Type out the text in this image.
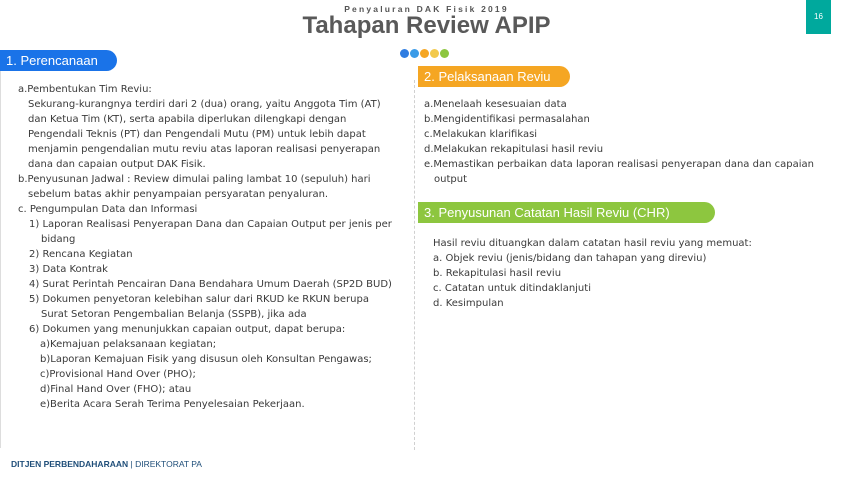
Penyaluran DAK Fisik 2019
Tahapan Review APIP	16
1. Perencanaan
2. Pelaksanaan Reviu
3. Penyusunan Catatan Hasil Reviu (CHR)
a.Pembentukan Tim Reviu:
Sekurang-kurangnya terdiri dari 2 (dua) orang, yaitu Anggota Tim (AT)
dan Ketua Tim (KT), serta apabila diperlukan dilengkapi dengan
Pengendali Teknis (PT) dan Pengendali Mutu (PM) untuk lebih dapat
menjamin pengendalian mutu reviu atas laporan realisasi penyerapan
dana dan capaian output DAK Fisik.
b.Penyusunan Jadwal : Review dimulai paling lambat 10 (sepuluh) hari
sebelum batas akhir penyampaian persyaratan penyaluran.
c. Pengumpulan Data dan Informasi
1) Laporan Realisasi Penyerapan Dana dan Capaian Output per jenis per
bidang
2) Rencana Kegiatan
3) Data Kontrak
4) Surat Perintah Pencairan Dana Bendahara Umum Daerah (SP2D BUD)
5) Dokumen penyetoran kelebihan salur dari RKUD ke RKUN berupa
Surat Setoran Pengembalian Belanja (SSPB), jika ada
6) Dokumen yang menunjukkan capaian output, dapat berupa:
a)Kemajuan pelaksanaan kegiatan;
b)Laporan Kemajuan Fisik yang disusun oleh Konsultan Pengawas;
c)Provisional Hand Over (PHO);
d)Final Hand Over (FHO); atau
e)Berita Acara Serah Terima Penyelesaian Pekerjaan.
a.Menelaah kesesuaian data
b.Mengidentifikasi permasalahan
c.Melakukan klarifikasi
d.Melakukan rekapitulasi hasil reviu
e.Memastikan perbaikan data laporan realisasi penyerapan dana dan capaian
output
Hasil reviu dituangkan dalam catatan hasil reviu yang memuat:
a. Objek reviu (jenis/bidang dan tahapan yang direviu)
b. Rekapitulasi hasil reviu
c. Catatan untuk ditindaklanjuti
d. Kesimpulan
DITJEN PERBENDAHARAAN | DIREKTORAT PA
